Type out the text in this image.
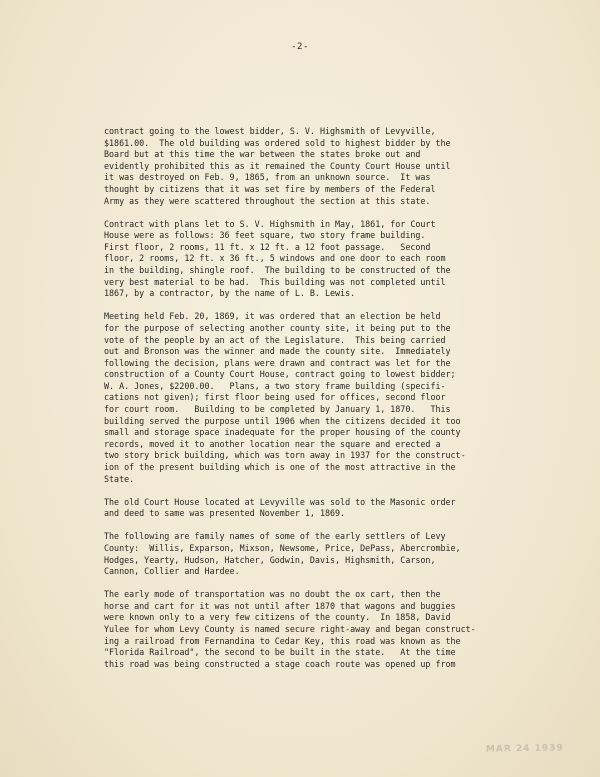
-2-
contract going to the lowest bidder, S. V. Highsmith of Levyville,
$1861.00.  The old building was ordered sold to highest bidder by the
Board but at this time the war between the states broke out and
evidently prohibited this as it remained the County Court House until
it was destroyed on Feb. 9, 1865, from an unknown source.  It was
thought by citizens that it was set fire by members of the Federal
Army as they were scattered throughout the section at this state.
Contract with plans let to S. V. Highsmith in May, 1861, for Court
House were as follows: 36 feet square, two story frame building.
First floor, 2 rooms, 11 ft. x 12 ft. a 12 foot passage.   Second
floor, 2 rooms, 12 ft. x 36 ft., 5 windows and one door to each room
in the building, shingle roof.  The building to be constructed of the
very best material to be had.  This building was not completed until
1867, by a contractor, by the name of L. B. Lewis.
Meeting held Feb. 20, 1869, it was ordered that an election be held
for the purpose of selecting another county site, it being put to the
vote of the people by an act of the Legislature.  This being carried
out and Bronson was the winner and made the county site.  Immediately
following the decision, plans were drawn and contract was let for the
construction of a County Court House, contract going to lowest bidder;
W. A. Jones, $2200.00.   Plans, a two story frame building (specifi-
cations not given); first floor being used for offices, second floor
for court room.   Building to be completed by January 1, 1870.   This
building served the purpose until 1906 when the citizens decided it too
small and storage space inadequate for the proper housing of the county
records, moved it to another location near the square and erected a
two story brick building, which was torn away in 1937 for the construct-
ion of the present building which is one of the most attractive in the
State.
The old Court House located at Levyville was sold to the Masonic order
and deed to same was presented November 1, 1869.
The following are family names of some of the early settlers of Levy
County:  Willis, Exparson, Mixson, Newsome, Price, DePass, Abercrombie,
Hodges, Yearty, Hudson, Hatcher, Godwin, Davis, Highsmith, Carson,
Cannon, Collier and Hardee.
The early mode of transportation was no doubt the ox cart, then the
horse and cart for it was not until after 1870 that wagons and buggies
were known only to a very few citizens of the county.  In 1858, David
Yulee for whom Levy County is named secure right-away and began construct-
ing a railroad from Fernandina to Cedar Key, this road was known as the
"Florida Railroad", the second to be built in the state.   At the time
this road was being constructed a stage coach route was opened up from
MAR 24 1939
